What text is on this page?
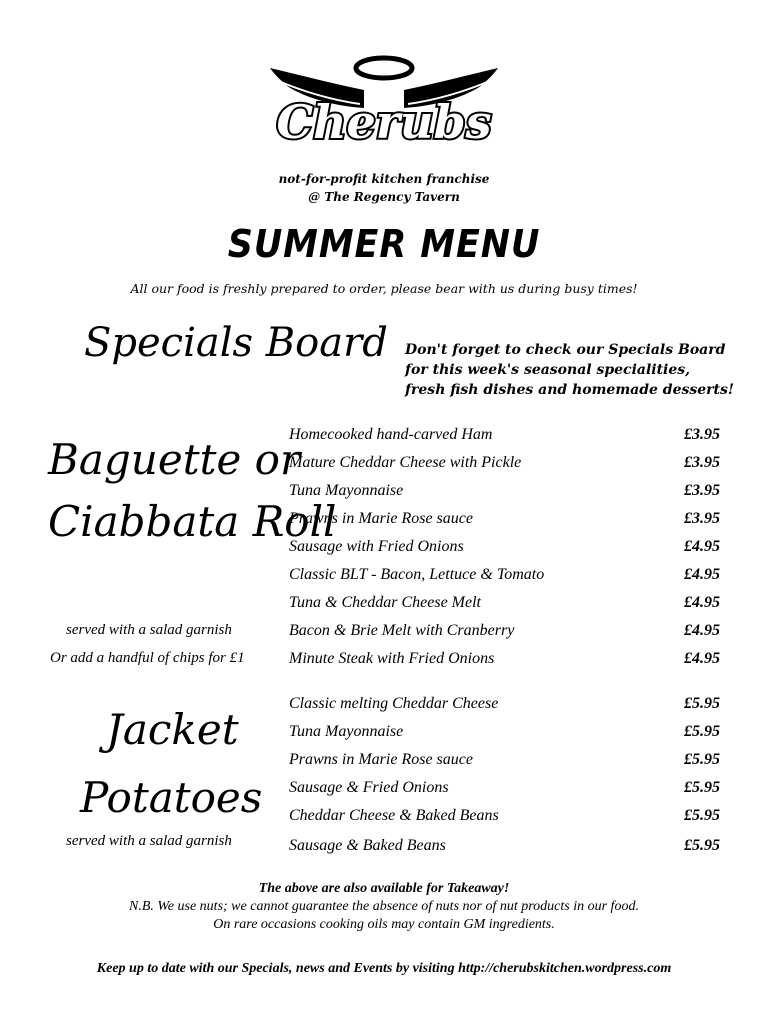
Cherubs
not-for-profit kitchen franchise
@ The Regency Tavern
SUMMER MENU
All our food is freshly prepared to order, please bear with us during busy times!
Specials Board Don't forget to check our Specials Board for this week's seasonal specialities, fresh fish dishes and homemade desserts!
Baguette or
Ciabbata Roll
served with a salad garnish
Or add a handful of chips for £1
Homecooked hand-carved Ham	£3.95
Mature Cheddar Cheese with Pickle	£3.95
Tuna Mayonnaise	£3.95
Prawns in Marie Rose sauce	£3.95
Sausage with Fried Onions	£4.95
Classic BLT - Bacon, Lettuce & Tomato	£4.95
Tuna & Cheddar Cheese Melt	£4.95
Bacon & Brie Melt with Cranberry	£4.95
Minute Steak with Fried Onions	£4.95
Jacket
Potatoes
served with a salad garnish
Classic melting Cheddar Cheese	£5.95
Tuna Mayonnaise	£5.95
Prawns in Marie Rose sauce	£5.95
Sausage & Fried Onions	£5.95
Cheddar Cheese & Baked Beans	£5.95
Sausage & Baked Beans	£5.95
The above are also available for Takeaway!
N.B. We use nuts; we cannot guarantee the absence of nuts nor of nut products in our food.
On rare occasions cooking oils may contain GM ingredients.
Keep up to date with our Specials, news and Events by visiting http://cherubskitchen.wordpress.com
